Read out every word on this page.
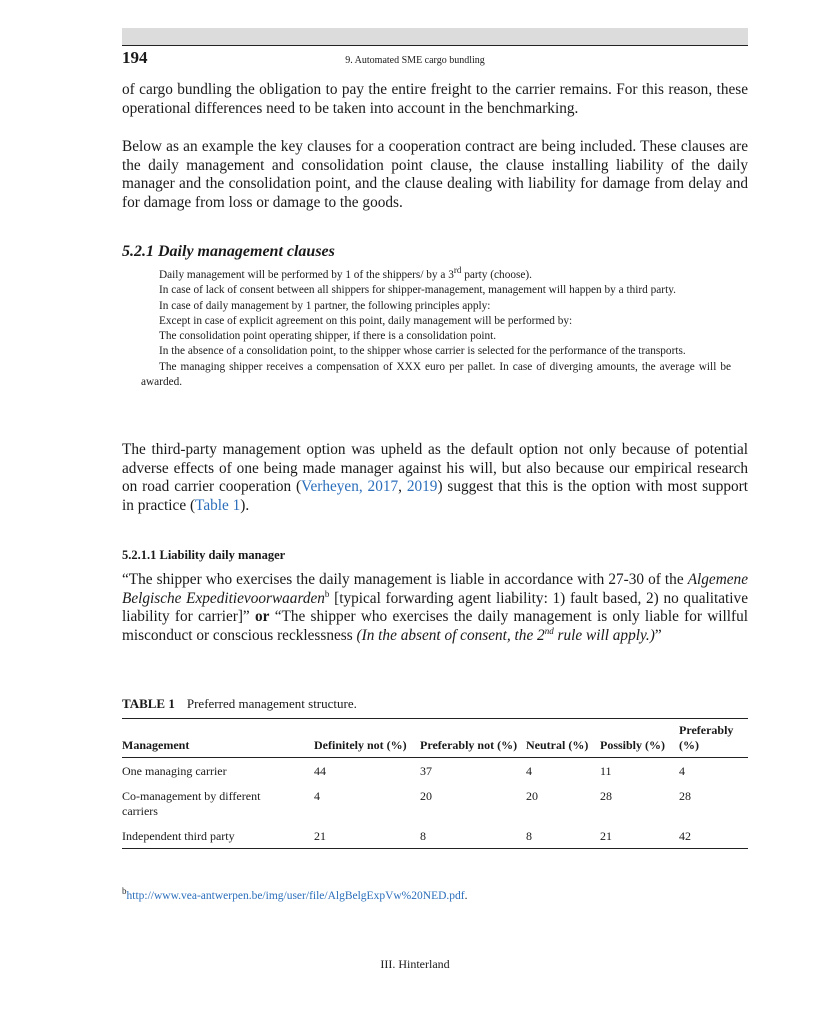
194	9. Automated SME cargo bundling

of cargo bundling the obligation to pay the entire freight to the carrier remains. For this reason, these operational differences need to be taken into account in the benchmarking.

Below as an example the key clauses for a cooperation contract are being included. These clauses are the daily management and consolidation point clause, the clause installing liability of the daily manager and the consolidation point, and the clause dealing with liability for damage from delay and for damage from loss or damage to the goods.

5.2.1 Daily management clauses
Daily management will be performed by 1 of the shippers/ by a 3rd party (choose).
In case of lack of consent between all shippers for shipper-management, management will happen by a third party.
In case of daily management by 1 partner, the following principles apply:
Except in case of explicit agreement on this point, daily management will be performed by:
The consolidation point operating shipper, if there is a consolidation point.
In the absence of a consolidation point, to the shipper whose carrier is selected for the performance of the transports.
The managing shipper receives a compensation of XXX euro per pallet. In case of diverging amounts, the average will be awarded.

The third-party management option was upheld as the default option not only because of potential adverse effects of one being made manager against his will, but also because our empirical research on road carrier cooperation (Verheyen, 2017, 2019) suggest that this is the option with most support in practice (Table 1).

5.2.1.1 Liability daily manager

“The shipper who exercises the daily management is liable in accordance with 27-30 of the Algemene Belgische Expeditievoorwaarden$^b$ [typical forwarding agent liability: 1) fault based, 2) no qualitative liability for carrier]” or “The shipper who exercises the daily management is only liable for willful misconduct or conscious recklessness (In the absent of consent, the 2nd rule will apply.)”

TABLE 1 Preferred management structure.
Management	Definitely not (%)	Preferably not (%)	Neutral (%)	Possibly (%)	Preferably (%)
One managing carrier	44	37	4	11	4
Co-management by different carriers	4	20	20	28	28
Independent third party	21	8	8	21	42
$^b$http://www.vea-antwerpen.be/img/user/file/AlgBelgExpVw%20NED.pdf.
III. Hinterland
